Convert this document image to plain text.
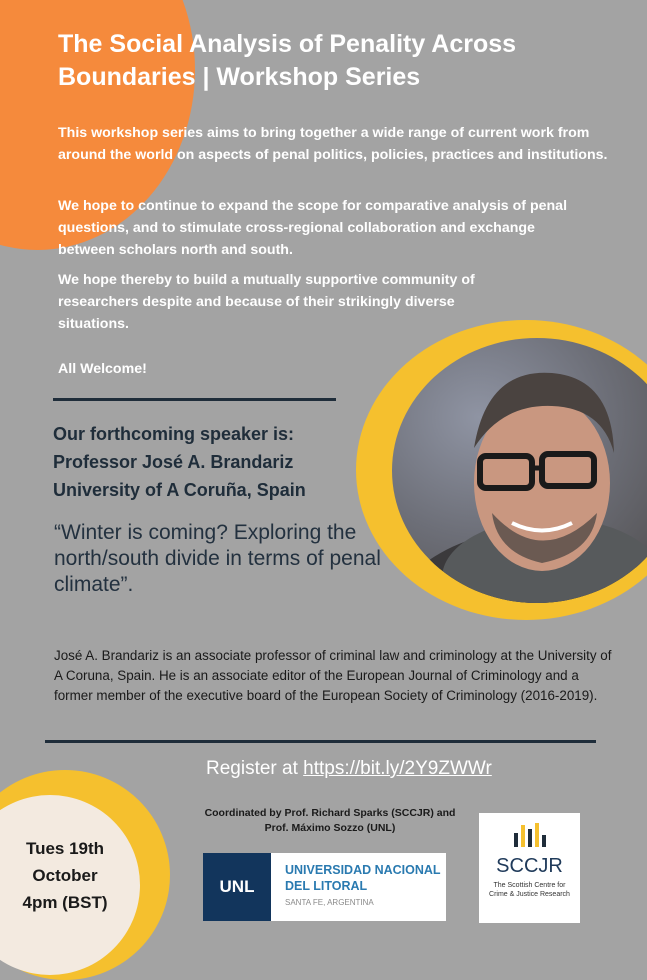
The Social Analysis of Penality Across Boundaries | Workshop Series

This workshop series aims to bring together a wide range of current work from around the world on aspects of penal politics, policies, practices and institutions.

We hope to continue to expand the scope for comparative analysis of penal questions, and to stimulate cross-regional collaboration and exchange between scholars north and south.

We hope thereby to build a mutually supportive community of researchers despite and because of their strikingly diverse situations.

All Welcome!

Our forthcoming speaker is:
Professor José A. Brandariz
University of A Coruña, Spain
“Winter is coming? Exploring the north/south divide in terms of penal climate”.
José A. Brandariz is an associate professor of criminal law and criminology at the University of A Coruna, Spain. He is an associate editor of the European Journal of Criminology and a former member of the executive board of the European Society of Criminology (2016-2019).
Register at https://bit.ly/2Y9ZWWr
Coordinated by Prof. Richard Sparks (SCCJR) and
Prof. Máximo Sozzo (UNL)
Tues 19th
October
4pm (BST)
UNL
UNIVERSIDAD NACIONAL
DEL LITORAL
SANTA FE, ARGENTINA
SCCJR
The Scottish Centre for Crime & Justice Research
